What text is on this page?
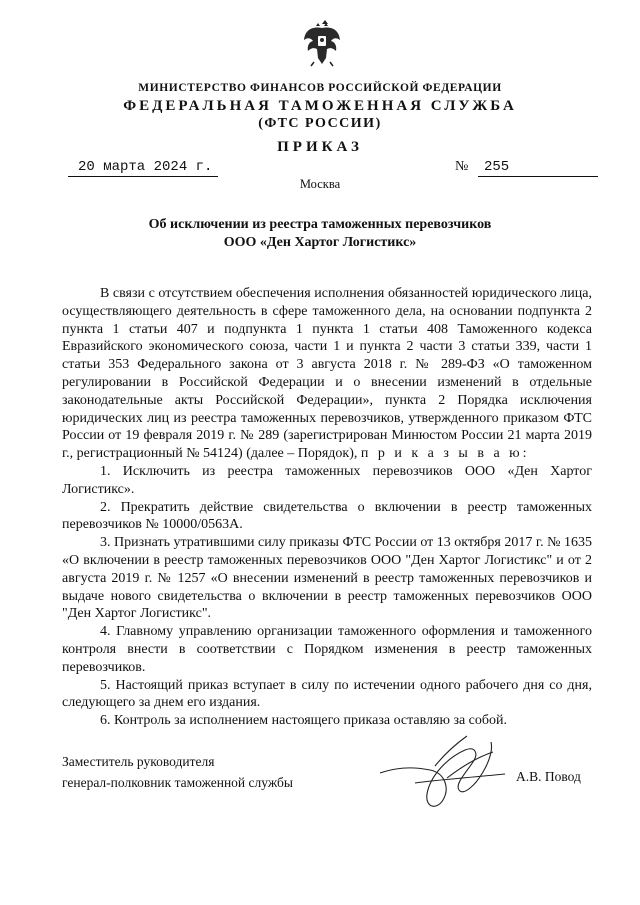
МИНИСТЕРСТВО ФИНАНСОВ РОССИЙСКОЙ ФЕДЕРАЦИИ
ФЕДЕРАЛЬНАЯ ТАМОЖЕННАЯ СЛУЖБА
(ФТС РОССИИ)
ПРИКАЗ
20 марта 2024 г.	№	255
Москва
Об исключении из реестра таможенных перевозчиков
ООО «Ден Хартог Логистикс»

В связи с отсутствием обеспечения исполнения обязанностей юридического лица, осуществляющего деятельность в сфере таможенного дела, на основании подпункта 2 пункта 1 статьи 407 и подпункта 1 пункта 1 статьи 408 Таможенного кодекса Евразийского экономического союза, части 1 и пункта 2 части 3 статьи 339, части 1 статьи 353 Федерального закона от 3 августа 2018 г. № 289-ФЗ «О таможенном регулировании в Российской Федерации и о внесении изменений в отдельные законодательные акты Российской Федерации», пункта 2 Порядка исключения юридических лиц из реестра таможенных перевозчиков, утвержденного приказом ФТС России от 19 февраля 2019 г. № 289 (зарегистрирован Минюстом России 21 марта 2019 г., регистрационный № 54124) (далее – Порядок), п р и к а з ы в а ю:

1. Исключить из реестра таможенных перевозчиков ООО «Ден Хартог Логистикс».

2. Прекратить действие свидетельства о включении в реестр таможенных перевозчиков № 10000/0563А.

3. Признать утратившими силу приказы ФТС России от 13 октября 2017 г. № 1635 «О включении в реестр таможенных перевозчиков ООО "Ден Хартог Логистикс" и от 2 августа 2019 г. № 1257 «О внесении изменений в реестр таможенных перевозчиков и выдаче нового свидетельства о включении в реестр таможенных перевозчиков ООО "Ден Хартог Логистикс".

4. Главному управлению организации таможенного оформления и таможенного контроля внести в соответствии с Порядком изменения в реестр таможенных перевозчиков.

5. Настоящий приказ вступает в силу по истечении одного рабочего дня со дня, следующего за днем его издания.

6. Контроль за исполнением настоящего приказа оставляю за собой.

Заместитель руководителя
генерал-полковник таможенной службы	А.В. Повод
